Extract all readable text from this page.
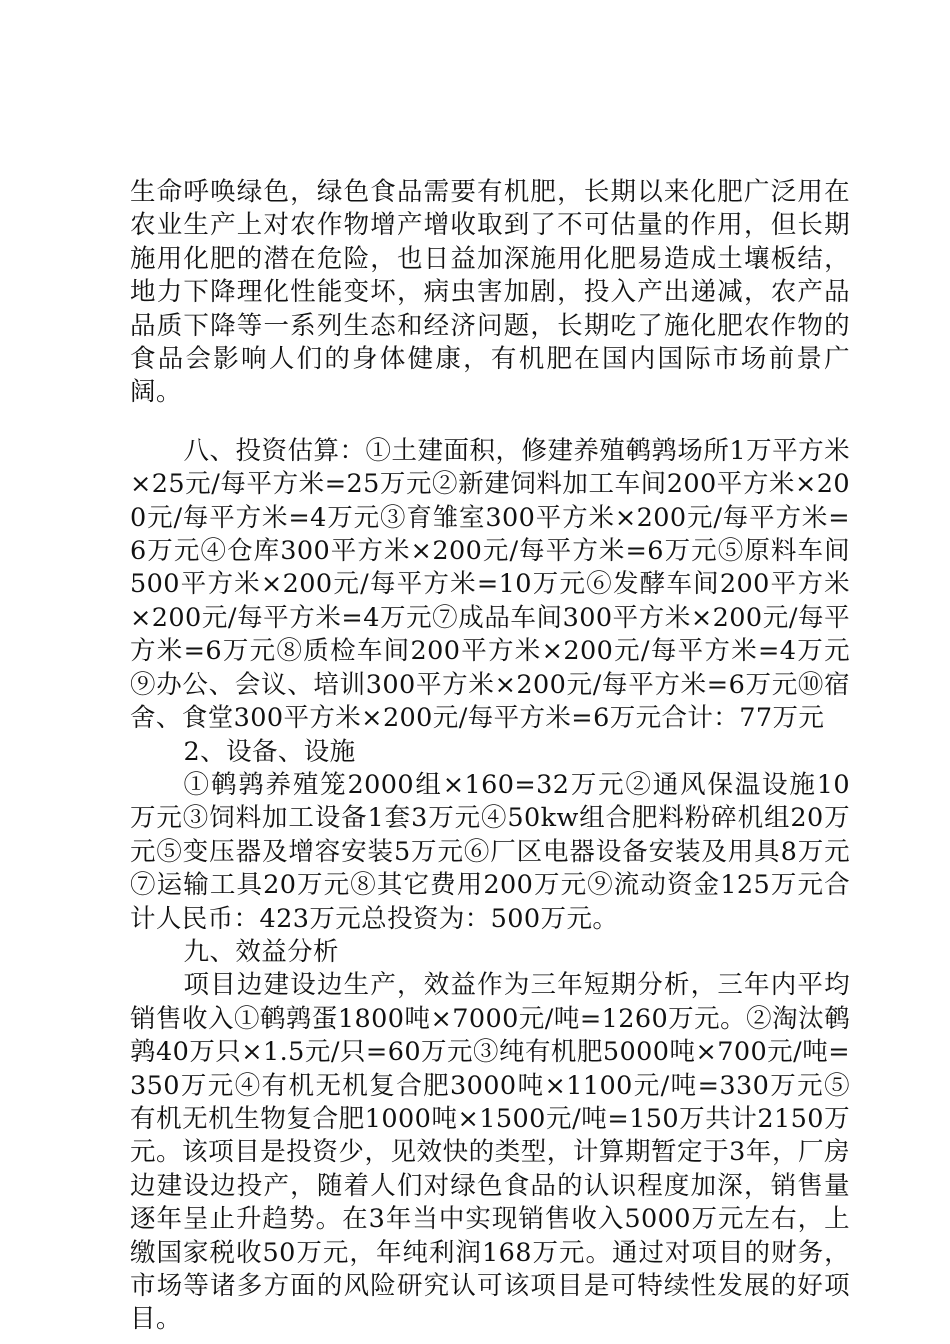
生命呼唤绿色，绿色食品需要有机肥，长期以来化肥广泛用在农业生产上对农作物增产增收取到了不可估量的作用，但长期施用化肥的潜在危险，也日益加深施用化肥易造成土壤板结，地力下降理化性能变坏，病虫害加剧，投入产出递减，农产品品质下降等一系列生态和经济问题，长期吃了施化肥农作物的食品会影响人们的身体健康，有机肥在国内国际市场前景广阔。

八、投资估算：①土建面积，修建养殖鹌鹑场所1万平方米×25元/每平方米=25万元②新建饲料加工车间200平方米×200元/每平方米=4万元③育雏室300平方米×200元/每平方米=6万元④仓库300平方米×200元/每平方米=6万元⑤原料车间500平方米×200元/每平方米=10万元⑥发酵车间200平方米×200元/每平方米=4万元⑦成品车间300平方米×200元/每平方米=6万元⑧质检车间200平方米×200元/每平方米=4万元⑨办公、会议、培训300平方米×200元/每平方米=6万元⑩宿舍、食堂300平方米×200元/每平方米=6万元合计：77万元

2、设备、设施

①鹌鹑养殖笼2000组×160=32万元②通风保温设施10万元③饲料加工设备1套3万元④50kw组合肥料粉碎机组20万元⑤变压器及增容安装5万元⑥厂区电器设备安装及用具8万元⑦运输工具20万元⑧其它费用200万元⑨流动资金125万元合计人民币：423万元总投资为：500万元。

九、效益分析

项目边建设边生产，效益作为三年短期分析，三年内平均销售收入①鹌鹑蛋1800吨×7000元/吨=1260万元。②淘汰鹌鹑40万只×1.5元/只=60万元③纯有机肥5000吨×700元/吨=350万元④有机无机复合肥3000吨×1100元/吨=330万元⑤有机无机生物复合肥1000吨×1500元/吨=150万共计2150万元。该项目是投资少，见效快的类型，计算期暂定于3年，厂房边建设边投产，随着人们对绿色食品的认识程度加深，销售量逐年呈止升趋势。在3年当中实现销售收入5000万元左右，上缴国家税收50万元，年纯利润168万元。通过对项目的财务，市场等诸多方面的风险研究认可该项目是可特续性发展的好项目。
